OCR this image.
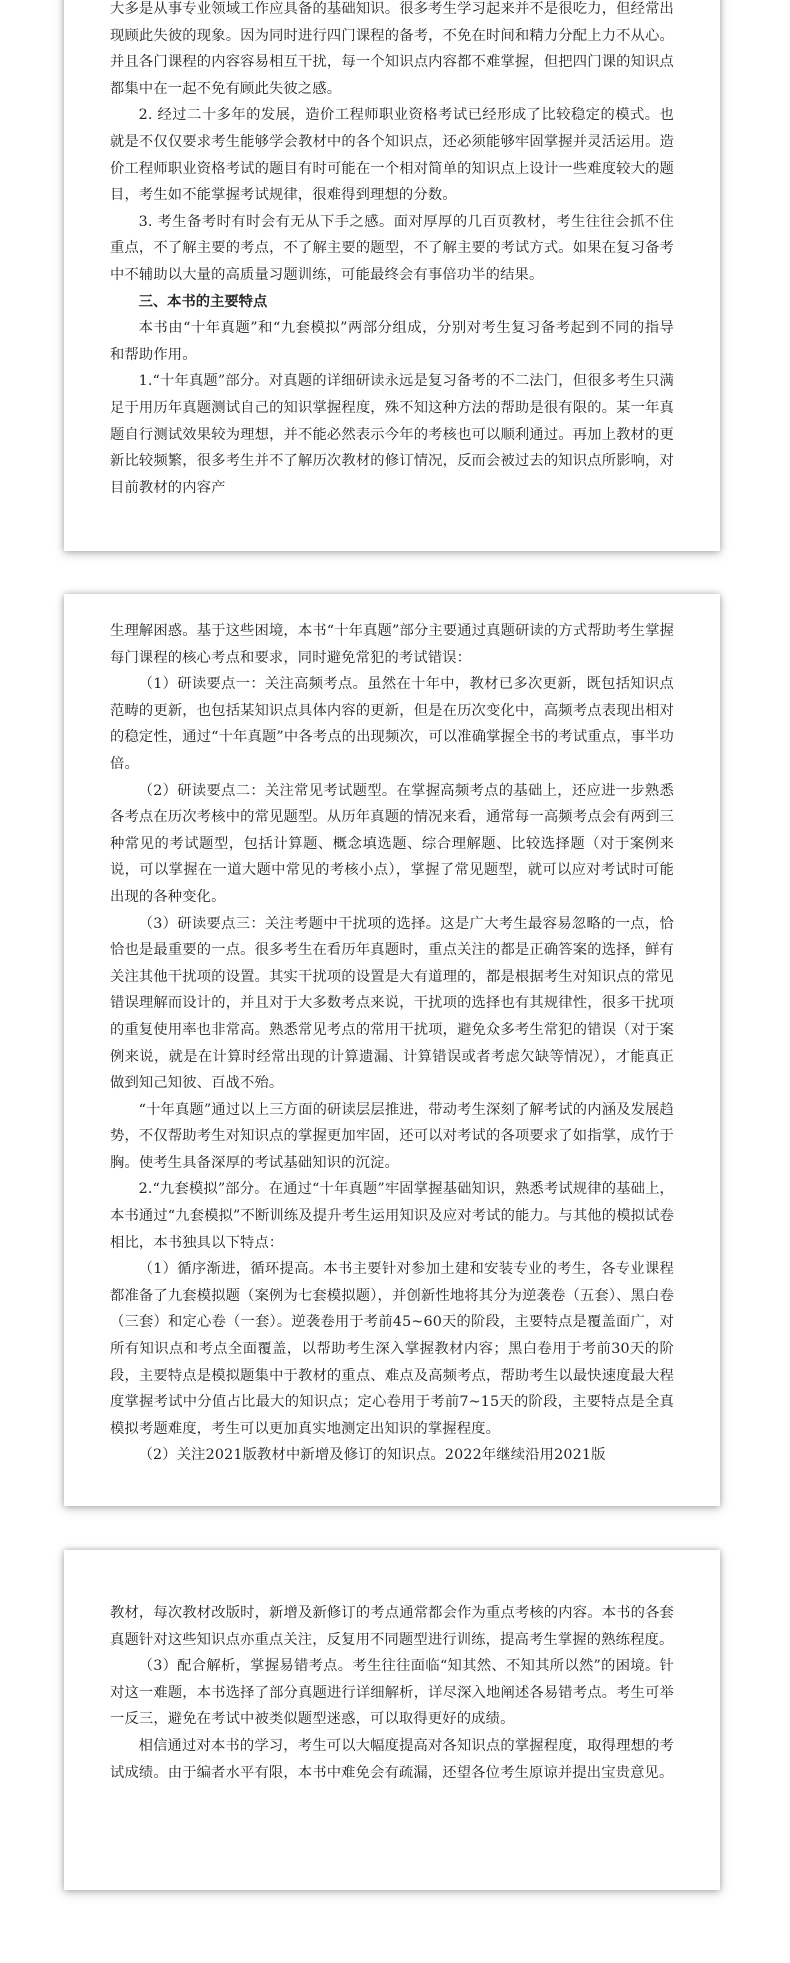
大多是从事专业领域工作应具备的基础知识。很多考生学习起来并不是很吃力，但经常出现顾此失彼的现象。因为同时进行四门课程的备考，不免在时间和精力分配上力不从心。并且各门课程的内容容易相互干扰，每一个知识点内容都不难掌握，但把四门课的知识点都集中在一起不免有顾此失彼之感。

2. 经过二十多年的发展，造价工程师职业资格考试已经形成了比较稳定的模式。也就是不仅仅要求考生能够学会教材中的各个知识点，还必须能够牢固掌握并灵活运用。造价工程师职业资格考试的题目有时可能在一个相对简单的知识点上设计一些难度较大的题目，考生如不能掌握考试规律，很难得到理想的分数。

3. 考生备考时有时会有无从下手之感。面对厚厚的几百页教材，考生往往会抓不住重点，不了解主要的考点，不了解主要的题型，不了解主要的考试方式。如果在复习备考中不辅助以大量的高质量习题训练，可能最终会有事倍功半的结果。

三、本书的主要特点

本书由“十年真题”和“九套模拟”两部分组成，分别对考生复习备考起到不同的指导和帮助作用。

1.“十年真题”部分。对真题的详细研读永远是复习备考的不二法门，但很多考生只满足于用历年真题测试自己的知识掌握程度，殊不知这种方法的帮助是很有限的。某一年真题自行测试效果较为理想，并不能必然表示今年的考核也可以顺利通过。再加上教材的更新比较频繁，很多考生并不了解历次教材的修订情况，反而会被过去的知识点所影响，对目前教材的内容产

生理解困惑。基于这些困境，本书“十年真题”部分主要通过真题研读的方式帮助考生掌握每门课程的核心考点和要求，同时避免常犯的考试错误：

（1）研读要点一：关注高频考点。虽然在十年中，教材已多次更新，既包括知识点范畴的更新，也包括某知识点具体内容的更新，但是在历次变化中，高频考点表现出相对的稳定性，通过“十年真题”中各考点的出现频次，可以准确掌握全书的考试重点，事半功倍。

（2）研读要点二：关注常见考试题型。在掌握高频考点的基础上，还应进一步熟悉各考点在历次考核中的常见题型。从历年真题的情况来看，通常每一高频考点会有两到三种常见的考试题型，包括计算题、概念填选题、综合理解题、比较选择题（对于案例来说，可以掌握在一道大题中常见的考核小点），掌握了常见题型，就可以应对考试时可能出现的各种变化。

（3）研读要点三：关注考题中干扰项的选择。这是广大考生最容易忽略的一点，恰恰也是最重要的一点。很多考生在看历年真题时，重点关注的都是正确答案的选择，鲜有关注其他干扰项的设置。其实干扰项的设置是大有道理的，都是根据考生对知识点的常见错误理解而设计的，并且对于大多数考点来说，干扰项的选择也有其规律性，很多干扰项的重复使用率也非常高。熟悉常见考点的常用干扰项，避免众多考生常犯的错误（对于案例来说，就是在计算时经常出现的计算遗漏、计算错误或者考虑欠缺等情况），才能真正做到知己知彼、百战不殆。

“十年真题”通过以上三方面的研读层层推进，带动考生深刻了解考试的内涵及发展趋势，不仅帮助考生对知识点的掌握更加牢固，还可以对考试的各项要求了如指掌，成竹于胸。使考生具备深厚的考试基础知识的沉淀。

2.“九套模拟”部分。在通过“十年真题”牢固掌握基础知识，熟悉考试规律的基础上，本书通过“九套模拟”不断训练及提升考生运用知识及应对考试的能力。与其他的模拟试卷相比，本书独具以下特点：

（1）循序渐进，循环提高。本书主要针对参加土建和安装专业的考生，各专业课程都准备了九套模拟题（案例为七套模拟题），并创新性地将其分为逆袭卷（五套）、黑白卷（三套）和定心卷（一套）。逆袭卷用于考前45~60天的阶段，主要特点是覆盖面广，对所有知识点和考点全面覆盖，以帮助考生深入掌握教材内容；黑白卷用于考前30天的阶段，主要特点是模拟题集中于教材的重点、难点及高频考点，帮助考生以最快速度最大程度掌握考试中分值占比最大的知识点；定心卷用于考前7~15天的阶段，主要特点是全真模拟考题难度，考生可以更加真实地测定出知识的掌握程度。

（2）关注2021版教材中新增及修订的知识点。2022年继续沿用2021版

教材，每次教材改版时，新增及新修订的考点通常都会作为重点考核的内容。本书的各套真题针对这些知识点亦重点关注，反复用不同题型进行训练，提高考生掌握的熟练程度。

（3）配合解析，掌握易错考点。考生往往面临“知其然、不知其所以然”的困境。针对这一难题，本书选择了部分真题进行详细解析，详尽深入地阐述各易错考点。考生可举一反三，避免在考试中被类似题型迷惑，可以取得更好的成绩。

相信通过对本书的学习，考生可以大幅度提高对各知识点的掌握程度，取得理想的考试成绩。由于编者水平有限，本书中难免会有疏漏，还望各位考生原谅并提出宝贵意见。
